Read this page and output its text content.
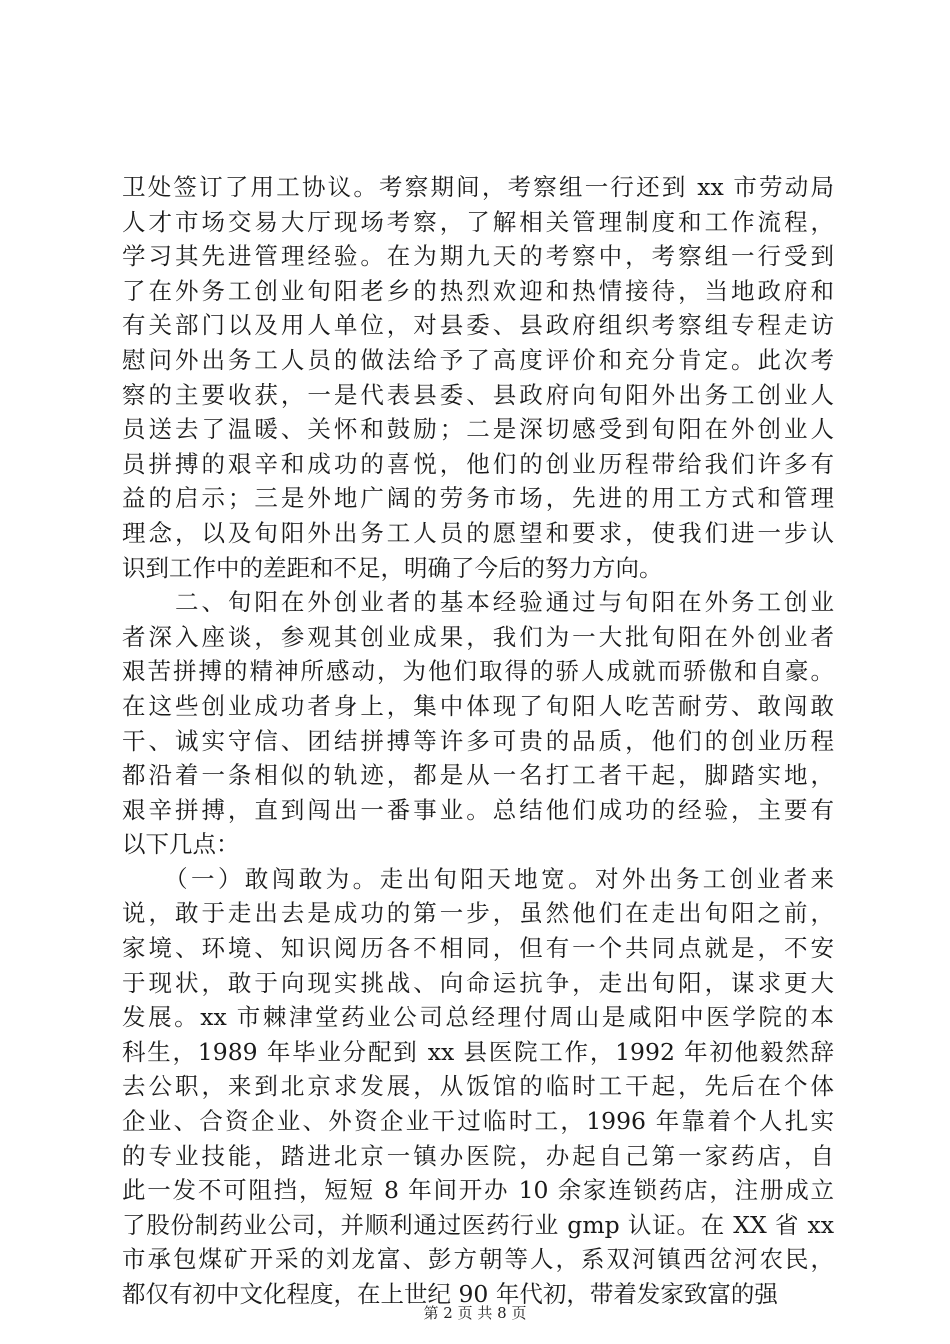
卫处签订了用工协议。考察期间，考察组一行还到 xx 市劳动局
人才市场交易大厅现场考察，了解相关管理制度和工作流程，
学习其先进管理经验。在为期九天的考察中，考察组一行受到
了在外务工创业旬阳老乡的热烈欢迎和热情接待，当地政府和
有关部门以及用人单位，对县委、县政府组织考察组专程走访
慰问外出务工人员的做法给予了高度评价和充分肯定。此次考
察的主要收获，一是代表县委、县政府向旬阳外出务工创业人
员送去了温暖、关怀和鼓励；二是深切感受到旬阳在外创业人
员拼搏的艰辛和成功的喜悦，他们的创业历程带给我们许多有
益的启示；三是外地广阔的劳务市场，先进的用工方式和管理
理念，以及旬阳外出务工人员的愿望和要求，使我们进一步认
识到工作中的差距和不足，明确了今后的努力方向。
　　二、旬阳在外创业者的基本经验通过与旬阳在外务工创业
者深入座谈，参观其创业成果，我们为一大批旬阳在外创业者
艰苦拼搏的精神所感动，为他们取得的骄人成就而骄傲和自豪。
在这些创业成功者身上，集中体现了旬阳人吃苦耐劳、敢闯敢
干、诚实守信、团结拼搏等许多可贵的品质，他们的创业历程
都沿着一条相似的轨迹，都是从一名打工者干起，脚踏实地，
艰辛拼搏，直到闯出一番事业。总结他们成功的经验，主要有
以下几点：
　　（一）敢闯敢为。走出旬阳天地宽。对外出务工创业者来
说，敢于走出去是成功的第一步，虽然他们在走出旬阳之前，
家境、环境、知识阅历各不相同，但有一个共同点就是，不安
于现状，敢于向现实挑战、向命运抗争，走出旬阳，谋求更大
发展。xx 市棘津堂药业公司总经理付周山是咸阳中医学院的本
科生，1989 年毕业分配到 xx 县医院工作，1992 年初他毅然辞
去公职，来到北京求发展，从饭馆的临时工干起，先后在个体
企业、合资企业、外资企业干过临时工，1996 年靠着个人扎实
的专业技能，踏进北京一镇办医院，办起自己第一家药店，自
此一发不可阻挡，短短 8 年间开办 10 余家连锁药店，注册成立
了股份制药业公司，并顺利通过医药行业 gmp 认证。在 XX 省 xx
市承包煤矿开采的刘龙富、彭方朝等人，系双河镇西岔河农民，
都仅有初中文化程度，在上世纪 90 年代初，带着发家致富的强
第 2 页 共 8 页
